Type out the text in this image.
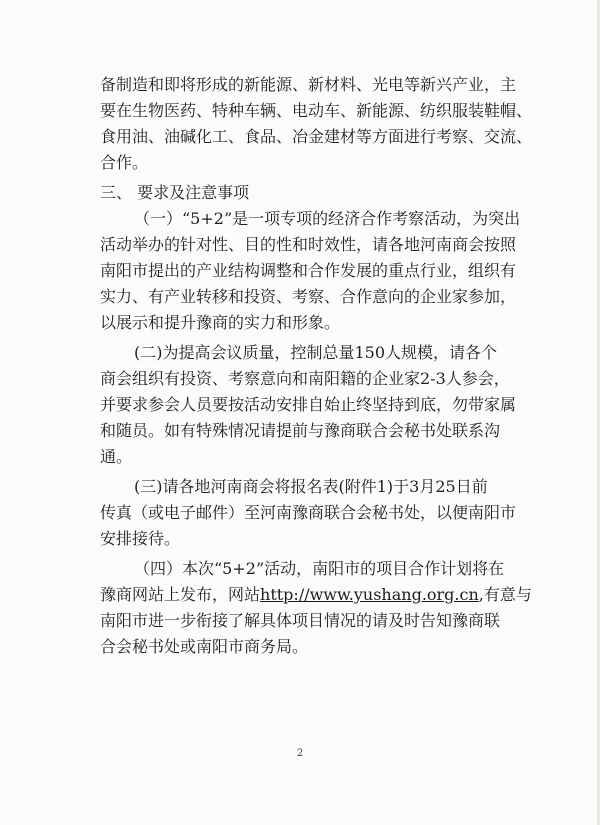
备制造和即将形成的新能源、新材料、光电等新兴产业，主
要在生物医药、特种车辆、电动车、新能源、纺织服装鞋帽、
食用油、油碱化工、食品、冶金建材等方面进行考察、交流、
合作。
三、 要求及注意事项
（一）“5+2”是一项专项的经济合作考察活动，为突出
活动举办的针对性、目的性和时效性，请各地河南商会按照
南阳市提出的产业结构调整和合作发展的重点行业，组织有
实力、有产业转移和投资、考察、合作意向的企业家参加，
以展示和提升豫商的实力和形象。
(二)为提高会议质量，控制总量150人规模，请各个
商会组织有投资、考察意向和南阳籍的企业家2-3人参会，
并要求参会人员要按活动安排自始止终坚持到底，勿带家属
和随员。如有特殊情况请提前与豫商联合会秘书处联系沟
通。
(三)请各地河南商会将报名表(附件1)于3月25日前
传真（或电子邮件）至河南豫商联合会秘书处，以便南阳市
安排接待。
（四）本次“5+2”活动，南阳市的项目合作计划将在
豫商网站上发布，网站http://www.yushang.org.cn,有意与
南阳市进一步衔接了解具体项目情况的请及时告知豫商联
合会秘书处或南阳市商务局。
2
